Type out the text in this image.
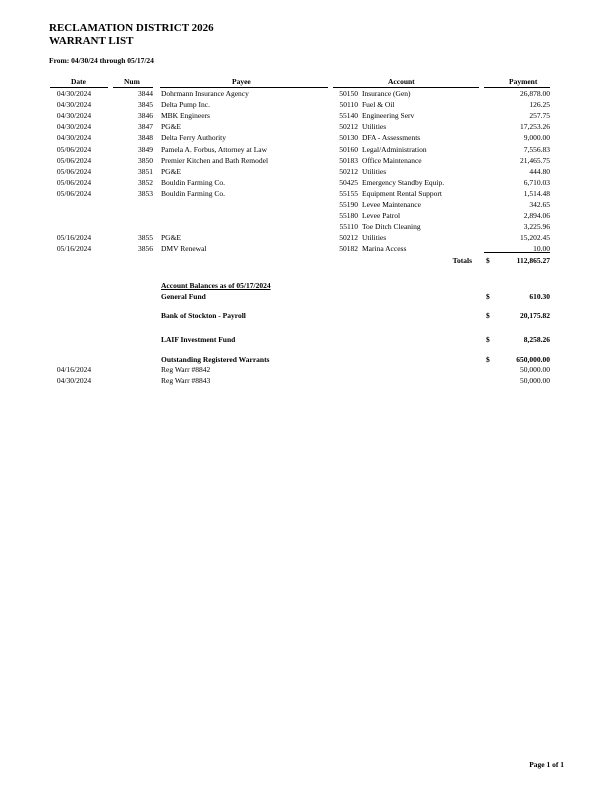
RECLAMATION DISTRICT 2026
WARRANT LIST
From: 04/30/24 through 05/17/24
Date	Num	Payee	Account	Payment
04/30/2024	3844 Dohrmann Insurance Agency	50150 Insurance (Gen)	26,878.00
04/30/2024	3845 Delta Pump Inc.	50110 Fuel & Oil	126.25
04/30/2024	3846 MBK Engineers	55140 Engineering Serv	257.75
04/30/2024	3847 PG&E	50212 Utilities	17,253.26
04/30/2024	3848 Delta Ferry Authority	50130 DFA - Assessments	9,000.00
05/06/2024	3849 Pamela A. Forbus, Attorney at Law	50160 Legal/Administration	7,556.83
05/06/2024	3850 Premier Kitchen and Bath Remodel	50183 Office Maintenance	21,465.75
05/06/2024	3851 PG&E	50212 Utilities	444.80
05/06/2024	3852 Bouldin Farming Co.	50425 Emergency Standby Equip.	6,710.03
05/06/2024	3853 Bouldin Farming Co.	55155 Equipment Rental Support	1,514.48
55190 Levee Maintenance	342.65
55180 Levee Patrol	2,894.06
55110 Toe Ditch Cleaning	3,225.96
05/16/2024	3855 PG&E	50212 Utilities	15,202.45
05/16/2024	3856 DMV Renewal	50182 Marina Access	10.00
Totals $	112,865.27
Account Balances as of 05/17/2024
General Fund	$	610.30
Bank of Stockton - Payroll	$	20,175.82
LAIF Investment Fund	$	8,258.26
Outstanding Registered Warrants	$	650,000.00
04/16/2024	Reg Warr #8842	50,000.00
04/30/2024	Reg Warr #8843	50,000.00
Page 1 of 1
